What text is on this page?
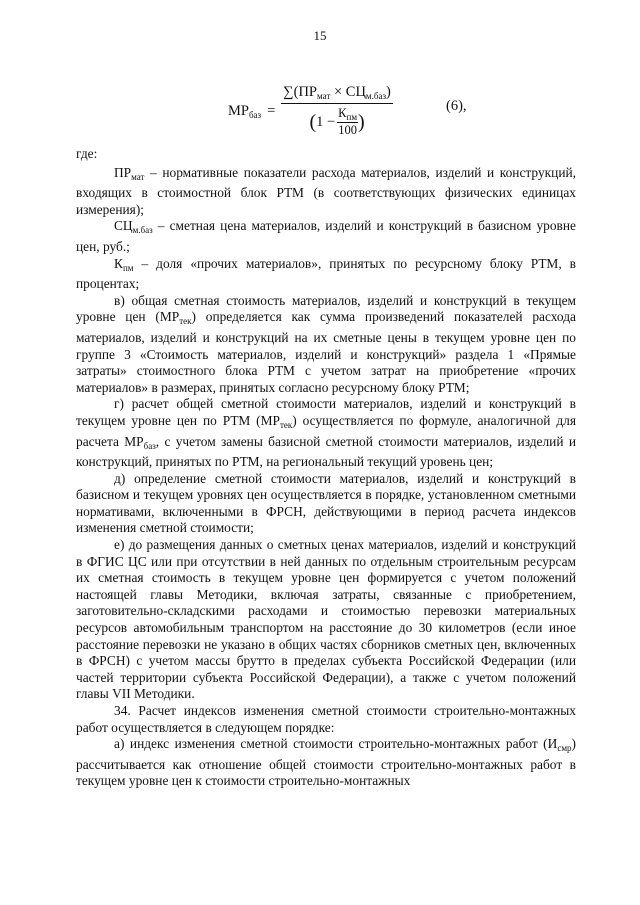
15
$МР_{баз} = \frac{\sum(ПР_{мат} \times СЦ_{м.баз})}{( 1 - \frac{К_{пм}}{100} )}$	(6),

где:

$ПР_{мат}$ – нормативные показатели расхода материалов, изделий и конструкций, входящих в стоимостной блок РТМ (в соответствующих физических единицах измерения);

$СЦ_{м.баз}$ – сметная цена материалов, изделий и конструкций в базисном уровне цен, руб.;

$К_{пм}$ – доля «прочих материалов», принятых по ресурсному блоку РТМ, в процентах;

в) общая сметная стоимость материалов, изделий и конструкций в текущем уровне цен $(МР_{тек})$ определяется как сумма произведений показателей расхода материалов, изделий и конструкций на их сметные цены в текущем уровне цен по группе 3 «Стоимость материалов, изделий и конструкций» раздела 1 «Прямые затраты» стоимостного блока РТМ с учетом затрат на приобретение «прочих материалов» в размерах, принятых согласно ресурсному блоку РТМ;

г) расчет общей сметной стоимости материалов, изделий и конструкций в текущем уровне цен по РТМ $(МР_{тек})$ осуществляется по формуле, аналогичной для расчета $МР_{баз}$, с учетом замены базисной сметной стоимости материалов, изделий и конструкций, принятых по РТМ, на региональный текущий уровень цен;

д) определение сметной стоимости материалов, изделий и конструкций в базисном и текущем уровнях цен осуществляется в порядке, установленном сметными нормативами, включенными в ФРСН, действующими в период расчета индексов изменения сметной стоимости;

е) до размещения данных о сметных ценах материалов, изделий и конструкций в ФГИС ЦС или при отсутствии в ней данных по отдельным строительным ресурсам их сметная стоимость в текущем уровне цен формируется с учетом положений настоящей главы Методики, включая затраты, связанные с приобретением, заготовительно-складскими расходами и стоимостью перевозки материальных ресурсов автомобильным транспортом на расстояние до 30 километров (если иное расстояние перевозки не указано в общих частях сборников сметных цен, включенных в ФРСН) с учетом массы брутто в пределах субъекта Российской Федерации (или частей территории субъекта Российской Федерации), а также с учетом положений главы VII Методики.

34. Расчет индексов изменения сметной стоимости строительно-монтажных работ осуществляется в следующем порядке:

а) индекс изменения сметной стоимости строительно-монтажных работ $(И_{смр})$ рассчитывается как отношение общей стоимости строительно-монтажных работ в текущем уровне цен к стоимости строительно-монтажных
